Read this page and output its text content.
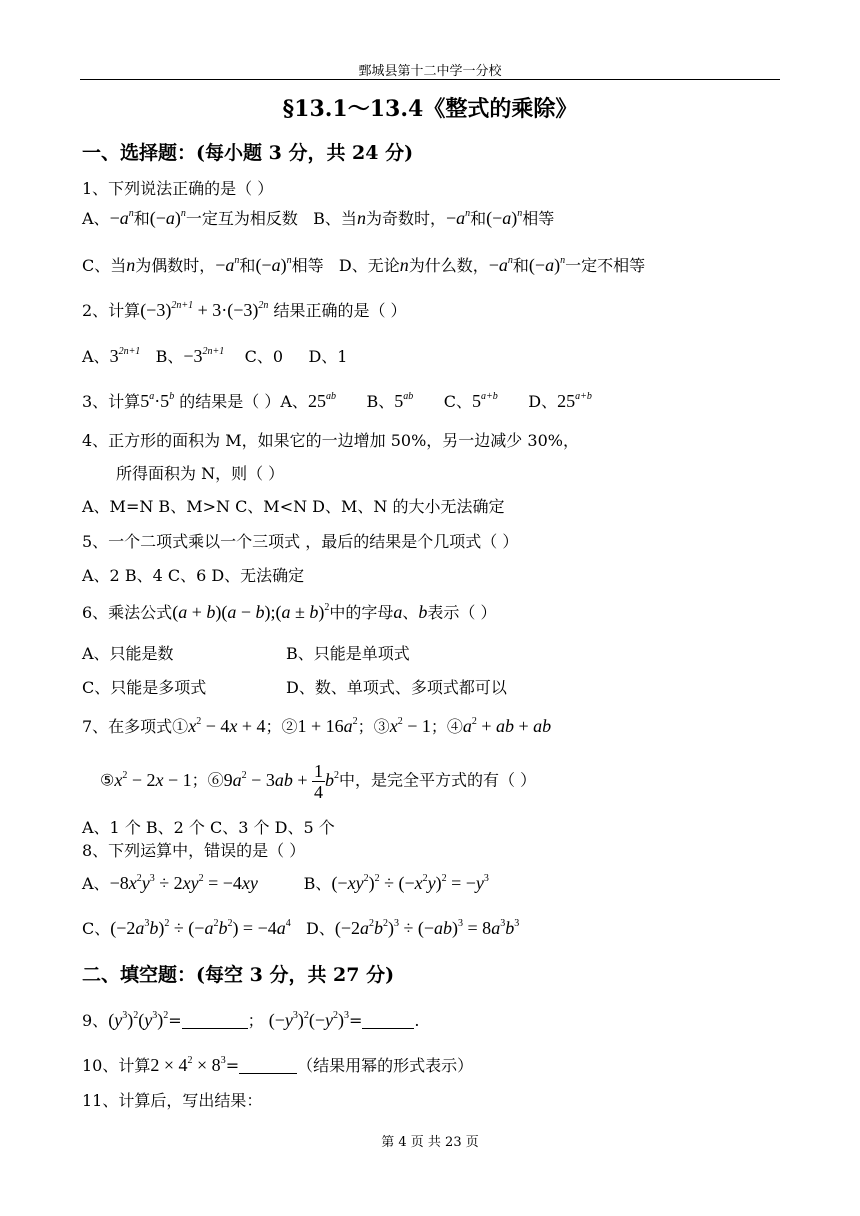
鄄城县第十二中学一分校
§13.1～13.4《整式的乘除》
一、选择题：(每小题 3 分，共 24 分)
1、下列说法正确的是（ ）
A、$-a^n$和$(-a)^n$一定互为相反数 B、当n为奇数时，$-a^n$和$(-a)^n$相等
C、当n为偶数时，$-a^n$和$(-a)^n$相等 D、无论n为什么数，$-a^n$和$(-a)^n$一定不相等
2、计算$(-3)^{2n+1} + 3\cdot(-3)^{2n}$ 结果正确的是（ ）
A、$3^{2n+1}$ B、$-3^{2n+1}$ C、0 D、1
3、计算$5^a\cdot 5^b$ 的结果是（ ）A、$25^{ab}$ B、$5^{ab}$ C、$5^{a+b}$ D、$25^{a+b}$
4、正方形的面积为 M，如果它的一边增加 50%，另一边减少 30%，
所得面积为 N，则（ ）
A、M=N B、M>N C、M<N D、M、N 的大小无法确定
5、一个二项式乘以一个三项式 ，最后的结果是个几项式（ ）
A、2 B、4 C、6 D、无法确定
6、乘法公式(a + b)(a − b);(a ± b)$^2$中的字母a、b表示（ ）
A、只能是数	B、只能是单项式
C、只能是多项式	D、数、单项式、多项式都可以
7、在多项式$①x^2 - 4x + 4$；②1 + $16a^2$；$③x^2 - 1$；$④a^2$ + ab + ab
$⑤x^2 - 2x - 1$；$⑥9a^2 - 3ab + \frac{1}{4} b^2$中，是完全平方式的有（ ）
A、1 个 B、2 个 C、3 个 D、5 个
8、下列运算中，错误的是（ ）
A、$-8x^2y^3 \div 2xy^2 = -4xy$	B、$(-xy^2)^2 \div (-x^2y)^2 = -y^3$
C、$(-2a^3b)^2 \div (-a^2b^2) = -4a^4$ D、$(-2a^2b^2)^3 \div (-ab)^3 = 8a^3b^3$
二、填空题：(每空 3 分，共 27 分)
9、$(y^3)^2(y^3)^2=$	； $(-y^3)^2(-y^2)^3=$	.
10、计算$2 \times 4^2 \times 8^3=$	（结果用幂的形式表示）
11、计算后，写出结果：
第 4 页 共 23 页
